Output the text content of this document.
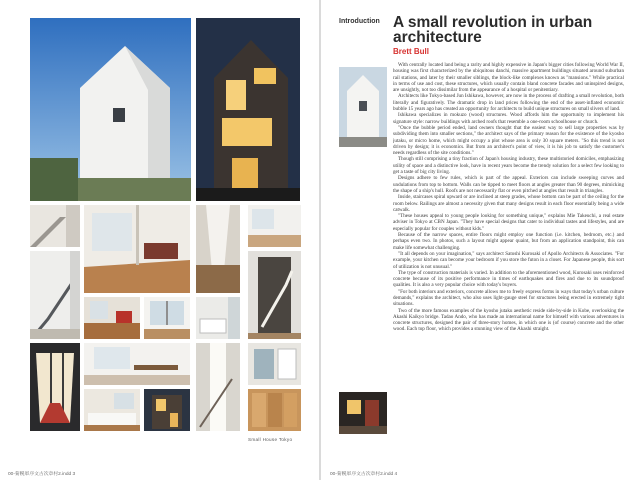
Small House Tokyo
00-菊幌軍序文古次章村2.indd 3
Introduction A small revolution in urban architecture
Brett Bull

With centrally located land being a rarity and highly expensive in Japan's bigger cities following World War II, housing was first characterized by the ubiquitous danchi, massive apartment buildings situated around suburban rail stations, and later by their smaller siblings, the block-like complexes known as "mansions." While practical in terms of use and cost, these structures, which usually contain bland concrete facades and uninspired designs, are unsightly, not too dissimilar from the appearance of a hospital or penitentiary.

Architects like Tokyo-based Jun Ishikawa, however, are now in the process of drafting a small revolution, both literally and figuratively. The dramatic drop in land prices following the end of the asset-inflated economic bubble 15 years ago has created an opportunity for architects to build unique structures on small slivers of land.

Ishikawa specializes in mokuzo (wood) structures. Wood affords him the opportunity to implement his signature style: narrow buildings with arched roofs that resemble a one-room schoolhouse or church.

"Once the bubble period ended, land owners thought that the easiest way to sell large properties was by subdividing them into smaller sections," the architect says of the primary reason for the existence of the kyosho jutaku, or micro home, which might occupy a plot whose area is only 30 square meters. "So this trend is not driven by design; it is economics. But from an architect's point of view, it is his job to satisfy the customer's needs regardless of the site conditions."

Though still comprising a tiny fraction of Japan's housing industry, these multistoried domiciles, emphasizing utility of space and a distinctive look, have in recent years become the trendy solution for a select few looking to get a taste of big city living.

Designs adhere to few rules, which is part of the appeal. Exteriors can include sweeping curves and undulations from top to bottom. Walls can be tipped to meet floors at angles greater than 90 degrees, mimicking the shape of a ship's hull. Roofs are not necessarily flat or even pitched at angles that result in triangles.

Inside, staircases spiral upward or are inclined at steep grades, whose bottom can be part of the ceiling for the room below. Railings are almost a necessity given that many designs result in each floor essentially being a wide catwalk.

"These houses appeal to young people looking for something unique," explains Mie Takeuchi, a real estate adviser in Tokyo at CBN Japan. "They have special designs that cater to individual tastes and lifestyles, and are especially popular for couples without kids."

Because of the narrow spaces, entire floors might employ one function (i.e. kitchen, bedroom, etc.) and perhaps even two. In photos, such a layout might appear quaint, but from an application standpoint, this can make life somewhat challenging.

"It all depends on your imagination," says architect Satoshi Kurosaki of Apollo Architects & Associates. "For example, your kitchen can become your bedroom if you store the futon in a closet. For Japanese people, this sort of utilization is not unusual."

The type of construction materials is varied. In addition to the aforementioned wood, Kurosaki uses reinforced concrete because of its positive performance in times of earthquakes and fires and due to its soundproof qualities. It is also a very popular choice with today's buyers.

"For both interiors and exteriors, concrete allows me to freely express forms in ways that today's urban culture demands," explains the architect, who also uses light-gauge steel for structures being erected in extremely tight situations.

Two of the more famous examples of the kyosho jutaku aesthetic reside side-by-side in Kobe, overlooking the Akashi Kaikyo bridge. Tadao Ando, who has made an international name for himself with various adventures in concrete structures, designed the pair of three-story homes, in which one is (of course) concrete and the other wood. Each top floor, which provides a stunning view of the Akashi straight.

00-菊幌軍序文古次章村2.indd 4
